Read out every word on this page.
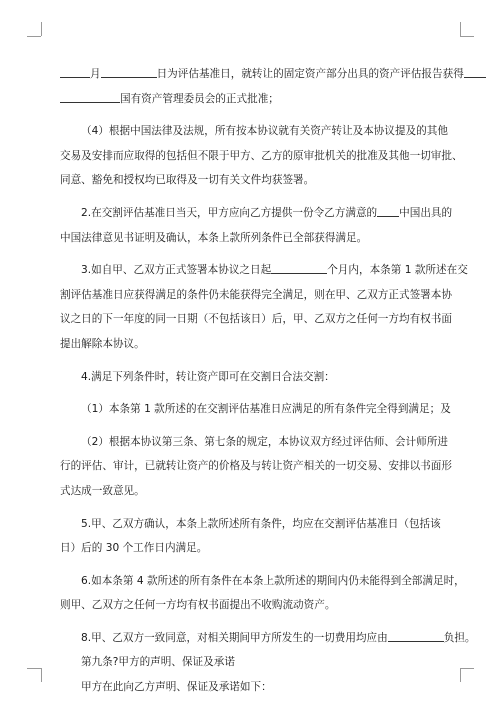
月	日为评估基准日，就转让的固定资产部分出具的资产评估报告获得

国有资产管理委员会的正式批准；

（4）根据中国法律及法规，所有按本协议就有关资产转让及本协议提及的其他

交易及安排而应取得的包括但不限于甲方、乙方的原审批机关的批准及其他一切审批、

同意、豁免和授权均已取得及一切有关文件均获签署。

2.在交割评估基准日当天，甲方应向乙方提供一份令乙方满意的 中国出具的

中国法律意见书证明及确认，本条上款所列条件已全部获得满足。

3.如自甲、乙双方正式签署本协议之日起	个月内，本条第 1 款所述在交

割评估基准日应获得满足的条件仍未能获得完全满足，则在甲、乙双方正式签署本协

议之日的下一年度的同一日期（不包括该日）后，甲、乙双方之任何一方均有权书面

提出解除本协议。

4.满足下列条件时，转让资产即可在交割日合法交割：

（1）本条第 1 款所述的在交割评估基准日应满足的所有条件完全得到满足；及

（2）根据本协议第三条、第七条的规定，本协议双方经过评估师、会计师所进

行的评估、审计，已就转让资产的价格及与转让资产相关的一切交易、安排以书面形

式达成一致意见。

5.甲、乙双方确认，本条上款所述所有条件，均应在交割评估基准日（包括该

日）后的 30 个工作日内满足。

6.如本条第 4 款所述的所有条件在本条上款所述的期间内仍未能得到全部满足时，

则甲、乙双方之任何一方均有权书面提出不收购流动资产。

8.甲、乙双方一致同意，对相关期间甲方所发生的一切费用均应由	负担。

第九条?甲方的声明、保证及承诺

甲方在此向乙方声明、保证及承诺如下：
